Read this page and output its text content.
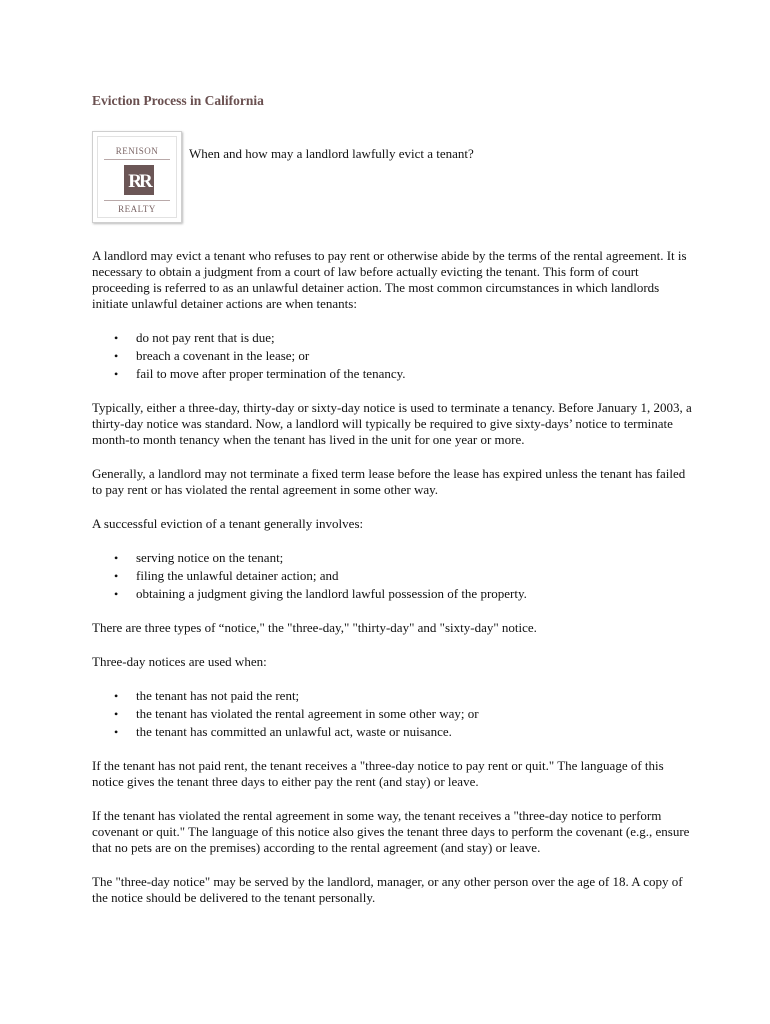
Eviction Process in California
RENISON
RR
REALTY

When and how may a landlord lawfully evict a tenant?

A landlord may evict a tenant who refuses to pay rent or otherwise abide by the terms of the rental agreement. It is necessary to obtain a judgment from a court of law before actually evicting the tenant. This form of court proceeding is referred to as an unlawful detainer action. The most common circumstances in which landlords initiate unlawful detainer actions are when tenants:

• do not pay rent that is due;
• breach a covenant in the lease; or
• fail to move after proper termination of the tenancy.

Typically, either a three-day, thirty-day or sixty-day notice is used to terminate a tenancy. Before January 1, 2003, a thirty-day notice was standard. Now, a landlord will typically be required to give sixty-days’ notice to terminate month-to month tenancy when the tenant has lived in the unit for one year or more.

Generally, a landlord may not terminate a fixed term lease before the lease has expired unless the tenant has failed to pay rent or has violated the rental agreement in some other way.

A successful eviction of a tenant generally involves:

• serving notice on the tenant;
• filing the unlawful detainer action; and
• obtaining a judgment giving the landlord lawful possession of the property.

There are three types of “notice," the "three-day," "thirty-day" and "sixty-day" notice.

Three-day notices are used when:

• the tenant has not paid the rent;
• the tenant has violated the rental agreement in some other way; or
• the tenant has committed an unlawful act, waste or nuisance.

If the tenant has not paid rent, the tenant receives a "three-day notice to pay rent or quit." The language of this notice gives the tenant three days to either pay the rent (and stay) or leave.

If the tenant has violated the rental agreement in some way, the tenant receives a "three-day notice to perform covenant or quit." The language of this notice also gives the tenant three days to perform the covenant (e.g., ensure that no pets are on the premises) according to the rental agreement (and stay) or leave.

The "three-day notice" may be served by the landlord, manager, or any other person over the age of 18. A copy of the notice should be delivered to the tenant personally.
